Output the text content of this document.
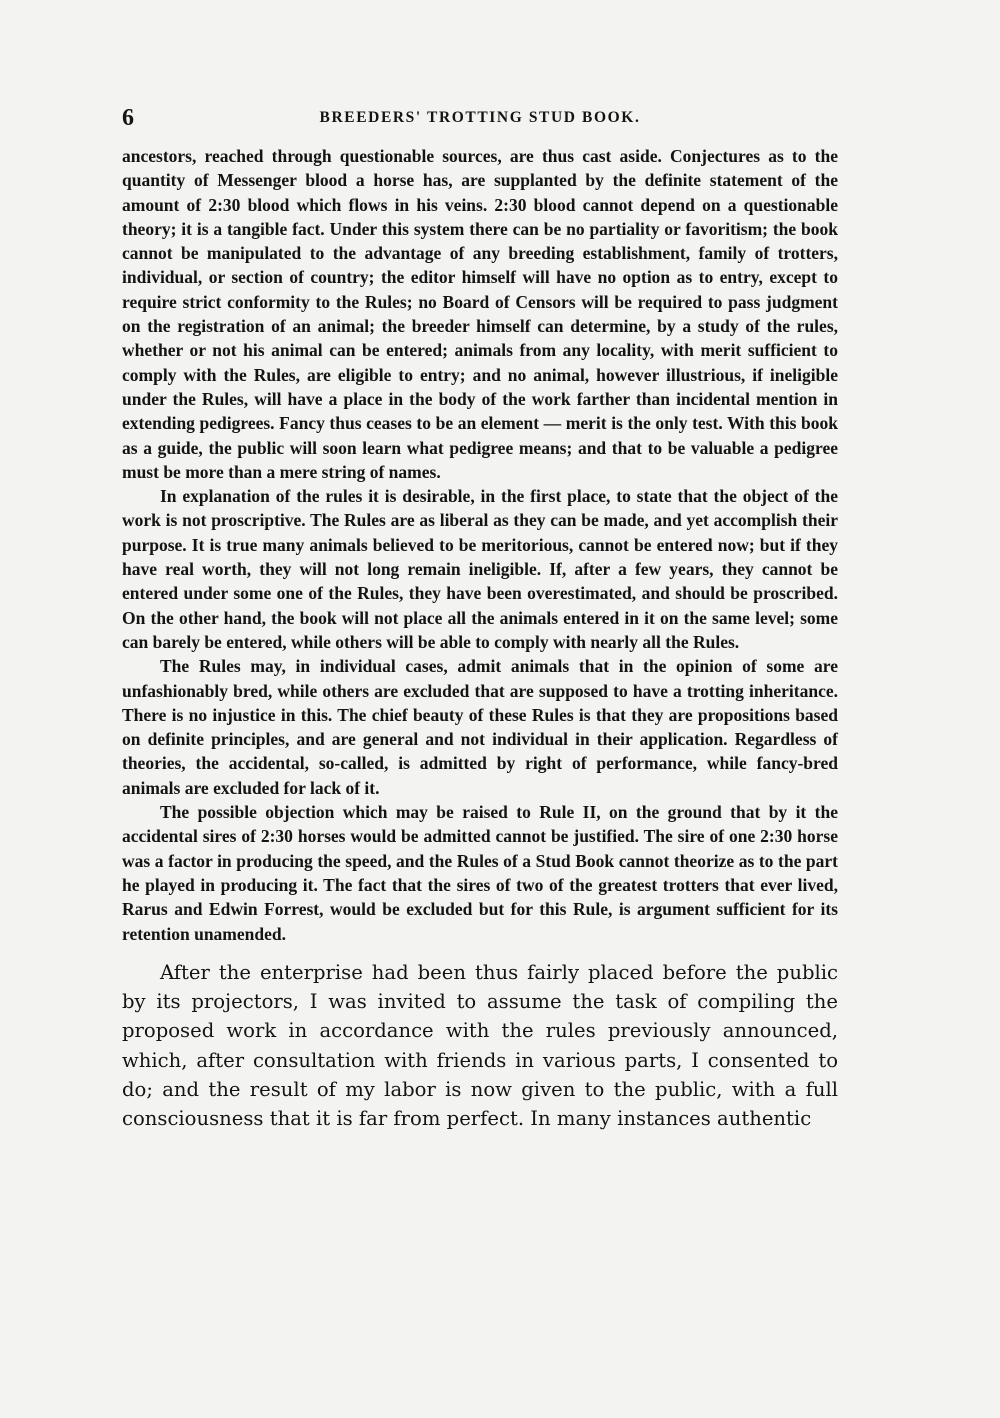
6	BREEDERS' TROTTING STUD BOOK.

ancestors, reached through questionable sources, are thus cast aside. Conjectures as to the quantity of Messenger blood a horse has, are supplanted by the definite statement of the amount of 2:30 blood which flows in his veins. 2:30 blood cannot depend on a questionable theory; it is a tangible fact. Under this system there can be no partiality or favoritism; the book cannot be manipulated to the advantage of any breeding establishment, family of trotters, individual, or section of country; the editor himself will have no option as to entry, except to require strict conformity to the Rules; no Board of Censors will be required to pass judgment on the registration of an animal; the breeder himself can determine, by a study of the rules, whether or not his animal can be entered; animals from any locality, with merit sufficient to comply with the Rules, are eligible to entry; and no animal, however illustrious, if ineligible under the Rules, will have a place in the body of the work farther than incidental mention in extending pedigrees. Fancy thus ceases to be an element — merit is the only test. With this book as a guide, the public will soon learn what pedigree means; and that to be valuable a pedigree must be more than a mere string of names.

In explanation of the rules it is desirable, in the first place, to state that the object of the work is not proscriptive. The Rules are as liberal as they can be made, and yet accomplish their purpose. It is true many animals believed to be meritorious, cannot be entered now; but if they have real worth, they will not long remain ineligible. If, after a few years, they cannot be entered under some one of the Rules, they have been overestimated, and should be proscribed. On the other hand, the book will not place all the animals entered in it on the same level; some can barely be entered, while others will be able to comply with nearly all the Rules.

The Rules may, in individual cases, admit animals that in the opinion of some are unfashionably bred, while others are excluded that are supposed to have a trotting inheritance. There is no injustice in this. The chief beauty of these Rules is that they are propositions based on definite principles, and are general and not individual in their application. Regardless of theories, the accidental, so-called, is admitted by right of performance, while fancy-bred animals are excluded for lack of it.

The possible objection which may be raised to Rule II, on the ground that by it the accidental sires of 2:30 horses would be admitted cannot be justified. The sire of one 2:30 horse was a factor in producing the speed, and the Rules of a Stud Book cannot theorize as to the part he played in producing it. The fact that the sires of two of the greatest trotters that ever lived, Rarus and Edwin Forrest, would be excluded but for this Rule, is argument sufficient for its retention unamended.

After the enterprise had been thus fairly placed before the public by its projectors, I was invited to assume the task of compiling the proposed work in accordance with the rules previously announced, which, after consultation with friends in various parts, I consented to do; and the result of my labor is now given to the public, with a full consciousness that it is far from perfect. In many instances authentic
